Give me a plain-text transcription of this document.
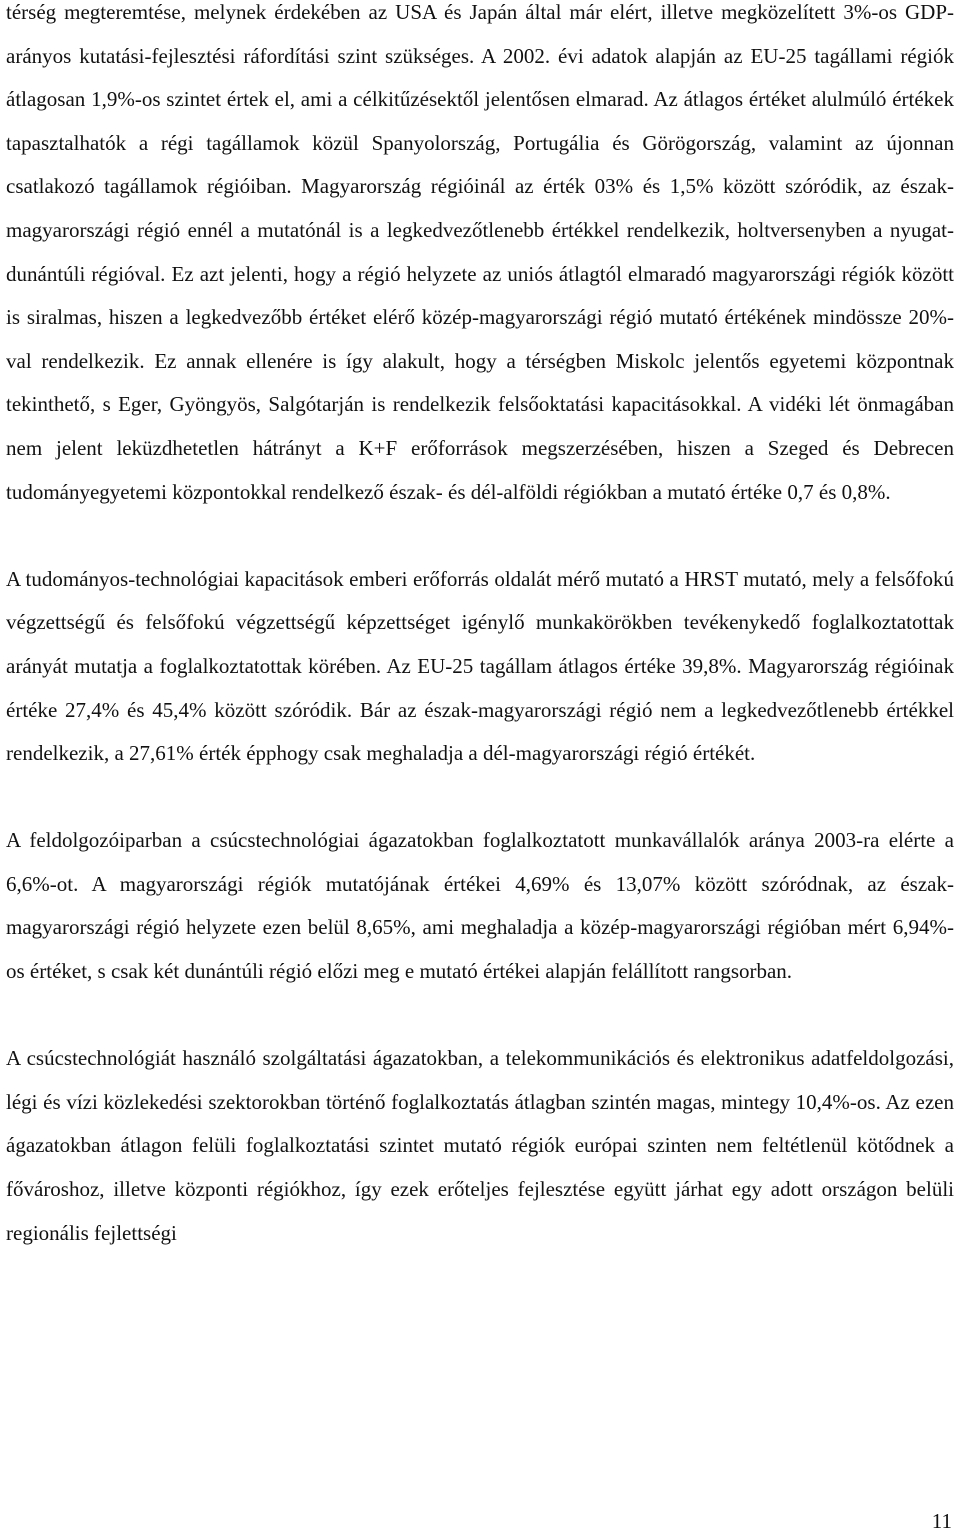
térség megteremtése, melynek érdekében az USA és Japán által már elért, illetve megközelített 3%-os GDP-arányos kutatási-fejlesztési ráfordítási szint szükséges. A 2002. évi adatok alapján az EU-25 tagállami régiók átlagosan 1,9%-os szintet értek el, ami a célkitűzésektől jelentősen elmarad. Az átlagos értéket alulmúló értékek tapasztalhatók a régi tagállamok közül Spanyolország, Portugália és Görögország, valamint az újonnan csatlakozó tagállamok régióiban. Magyarország régióinál az érték 03% és 1,5% között szóródik, az észak-magyarországi régió ennél a mutatónál is a legkedvezőtlenebb értékkel rendelkezik, holtversenyben a nyugat-dunántúli régióval. Ez azt jelenti, hogy a régió helyzete az uniós átlagtól elmaradó magyarországi régiók között is siralmas, hiszen a legkedvezőbb értéket elérő közép-magyarországi régió mutató értékének mindössze 20%-val rendelkezik. Ez annak ellenére is így alakult, hogy a térségben Miskolc jelentős egyetemi központnak tekinthető, s Eger, Gyöngyös, Salgótarján is rendelkezik felsőoktatási kapacitásokkal. A vidéki lét önmagában nem jelent leküzdhetetlen hátrányt a K+F erőforrások megszerzésében, hiszen a Szeged és Debrecen tudományegyetemi központokkal rendelkező észak- és dél-alföldi régiókban a mutató értéke 0,7 és 0,8%.

A tudományos-technológiai kapacitások emberi erőforrás oldalát mérő mutató a HRST mutató, mely a felsőfokú végzettségű és felsőfokú végzettségű képzettséget igénylő munkakörökben tevékenykedő foglalkoztatottak arányát mutatja a foglalkoztatottak körében. Az EU-25 tagállam átlagos értéke 39,8%. Magyarország régióinak értéke 27,4% és 45,4% között szóródik. Bár az észak-magyarországi régió nem a legkedvezőtlenebb értékkel rendelkezik, a 27,61% érték épphogy csak meghaladja a dél-magyarországi régió értékét.

A feldolgozóiparban a csúcstechnológiai ágazatokban foglalkoztatott munkavállalók aránya 2003-ra elérte a 6,6%-ot. A magyarországi régiók mutatójának értékei 4,69% és 13,07% között szóródnak, az észak-magyarországi régió helyzete ezen belül 8,65%, ami meghaladja a közép-magyarországi régióban mért 6,94%-os értéket, s csak két dunántúli régió előzi meg e mutató értékei alapján felállított rangsorban.

A csúcstechnológiát használó szolgáltatási ágazatokban, a telekommunikációs és elektronikus adatfeldolgozási, légi és vízi közlekedési szektorokban történő foglalkoztatás átlagban szintén magas, mintegy 10,4%-os. Az ezen ágazatokban átlagon felüli foglalkoztatási szintet mutató régiók európai szinten nem feltétlenül kötődnek a fővároshoz, illetve központi régiókhoz, így ezek erőteljes fejlesztése együtt járhat egy adott országon belüli regionális fejlettségi

11
